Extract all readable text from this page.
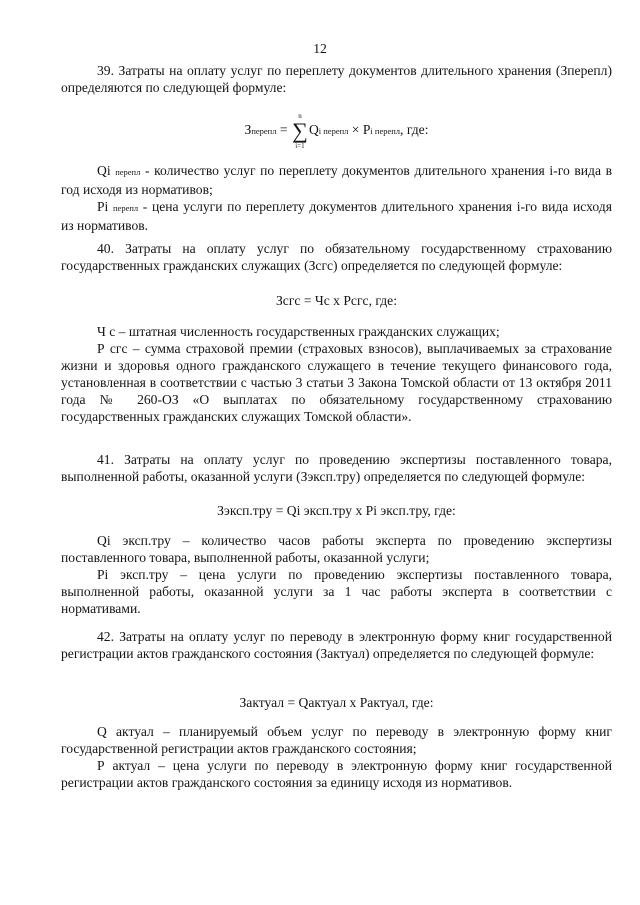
12

39. Затраты на оплату услуг по переплету документов длительного хранения (Зперепл) определяются по следующей формуле:

Зперепл =
n
∑
i=1
Qi перепл × Pi перепл, где:

Qi перепл - количество услуг по переплету документов длительного хранения i-го вида в год исходя из нормативов;

Pi перепл - цена услуги по переплету документов длительного хранения i-го вида исходя из нормативов.

40. Затраты на оплату услуг по обязательному государственному страхованию государственных гражданских служащих (Зсгс) определяется по следующей формуле:

Зсгс = Чс x Рсгс, где:

Ч с – штатная численность государственных гражданских служащих;

Р сгс – сумма страховой премии (страховых взносов), выплачиваемых за страхование жизни и здоровья одного гражданского служащего в течение текущего финансового года, установленная в соответствии с частью 3 статьи 3 Закона Томской области от 13 октября 2011 года № 260-ОЗ «О выплатах по обязательному государственному страхованию государственных гражданских служащих Томской области».

41. Затраты на оплату услуг по проведению экспертизы поставленного товара, выполненной работы, оказанной услуги (Зэксп.тру) определяется по следующей формуле:

Зэксп.тру = Qi эксп.тру x Pi эксп.тру, где:

Qi эксп.тру – количество часов работы эксперта по проведению экспертизы поставленного товара, выполненной работы, оказанной услуги;

Pi эксп.тру – цена услуги по проведению экспертизы поставленного товара, выполненной работы, оказанной услуги за 1 час работы эксперта в соответствии с нормативами.

42. Затраты на оплату услуг по переводу в электронную форму книг государственной регистрации актов гражданского состояния (Зактуал) определяется по следующей формуле:

Зактуал = Qактуал x Рактуал, где:

Q актуал – планируемый объем услуг по переводу в электронную форму книг государственной регистрации актов гражданского состояния;

Р актуал – цена услуги по переводу в электронную форму книг государственной регистрации актов гражданского состояния за единицу исходя из нормативов.
